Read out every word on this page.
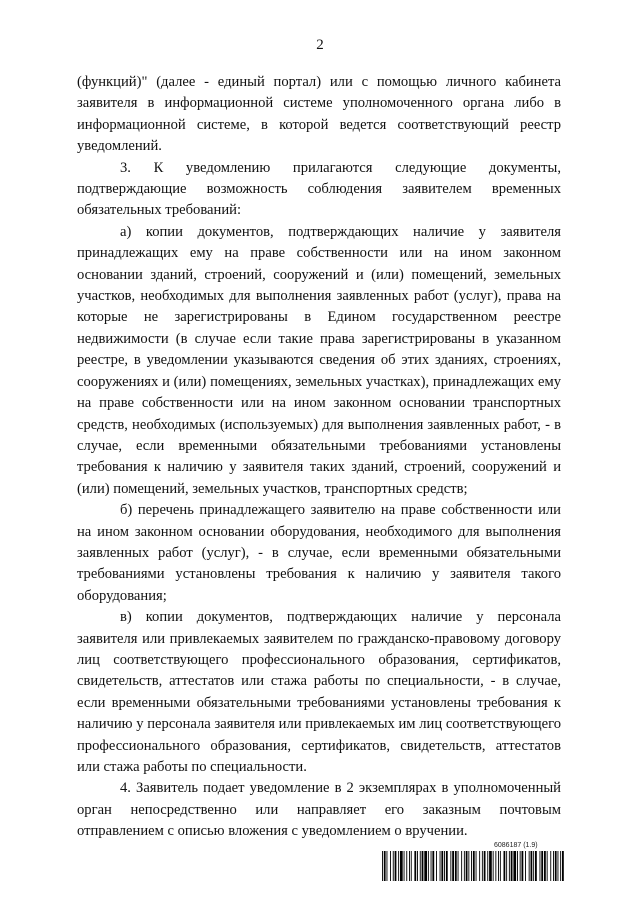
2

(функций)" (далее - единый портал) или с помощью личного кабинета заявителя в информационной системе уполномоченного органа либо в информационной системе, в которой ведется соответствующий реестр уведомлений.

3. К уведомлению прилагаются следующие документы, подтверждающие возможность соблюдения заявителем временных обязательных требований:

а) копии документов, подтверждающих наличие у заявителя принадлежащих ему на праве собственности или на ином законном основании зданий, строений, сооружений и (или) помещений, земельных участков, необходимых для выполнения заявленных работ (услуг), права на которые не зарегистрированы в Едином государственном реестре недвижимости (в случае если такие права зарегистрированы в указанном реестре, в уведомлении указываются сведения об этих зданиях, строениях, сооружениях и (или) помещениях, земельных участках), принадлежащих ему на праве собственности или на ином законном основании транспортных средств, необходимых (используемых) для выполнения заявленных работ, - в случае, если временными обязательными требованиями установлены требования к наличию у заявителя таких зданий, строений, сооружений и (или) помещений, земельных участков, транспортных средств;

б) перечень принадлежащего заявителю на праве собственности или на ином законном основании оборудования, необходимого для выполнения заявленных работ (услуг), - в случае, если временными обязательными требованиями установлены требования к наличию у заявителя такого оборудования;

в) копии документов, подтверждающих наличие у персонала заявителя или привлекаемых заявителем по гражданско-правовому договору лиц соответствующего профессионального образования, сертификатов, свидетельств, аттестатов или стажа работы по специальности, - в случае, если временными обязательными требованиями установлены требования к наличию у персонала заявителя или привлекаемых им лиц соответствующего профессионального образования, сертификатов, свидетельств, аттестатов или стажа работы по специальности.

4. Заявитель подает уведомление в 2 экземплярах в уполномоченный орган непосредственно или направляет его заказным почтовым отправлением с описью вложения с уведомлением о вручении.

6086187 (1.9)
